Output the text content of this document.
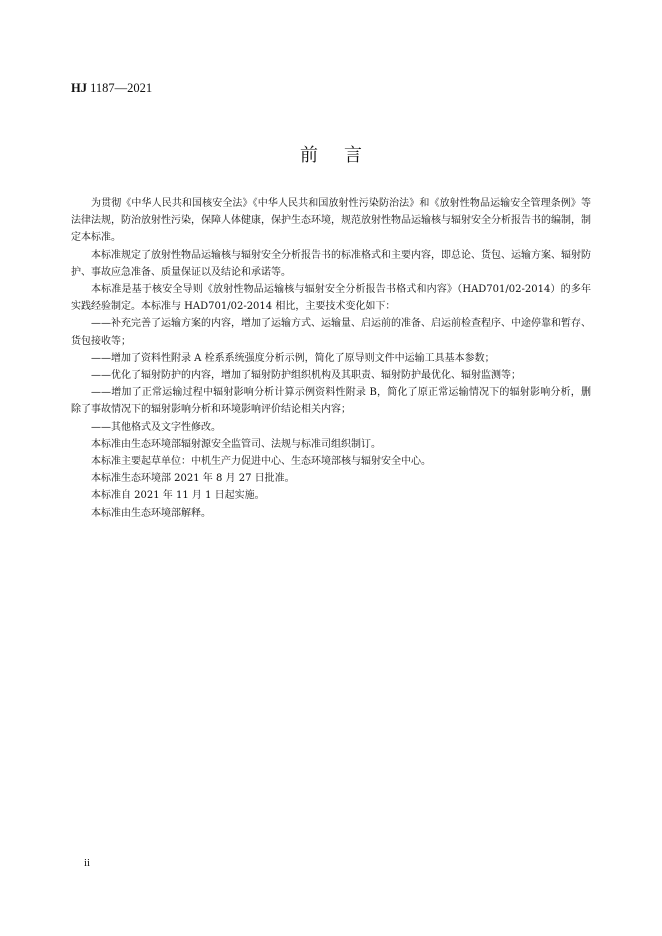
HJ 1187—2021
前言

为贯彻《中华人民共和国核安全法》《中华人民共和国放射性污染防治法》和《放射性物品运输安全管理条例》等法律法规，防治放射性污染，保障人体健康，保护生态环境，规范放射性物品运输核与辐射安全分析报告书的编制，制定本标准。

本标准规定了放射性物品运输核与辐射安全分析报告书的标准格式和主要内容，即总论、货包、运输方案、辐射防护、事故应急准备、质量保证以及结论和承诺等。

本标准是基于核安全导则《放射性物品运输核与辐射安全分析报告书格式和内容》（HAD701/02-2014）的多年实践经验制定。本标准与 HAD701/02-2014 相比，主要技术变化如下：

——补充完善了运输方案的内容，增加了运输方式、运输量、启运前的准备、启运前检查程序、中途停靠和暂存、货包接收等；

——增加了资料性附录 A 栓系系统强度分析示例，简化了原导则文件中运输工具基本参数；

——优化了辐射防护的内容，增加了辐射防护组织机构及其职责、辐射防护最优化、辐射监测等；

——增加了正常运输过程中辐射影响分析计算示例资料性附录 B，简化了原正常运输情况下的辐射影响分析，删除了事故情况下的辐射影响分析和环境影响评价结论相关内容；

——其他格式及文字性修改。

本标准由生态环境部辐射源安全监管司、法规与标准司组织制订。

本标准主要起草单位：中机生产力促进中心、生态环境部核与辐射安全中心。

本标准生态环境部 2021 年 8 月 27 日批准。

本标准自 2021 年 11 月 1 日起实施。

本标准由生态环境部解释。

ii
